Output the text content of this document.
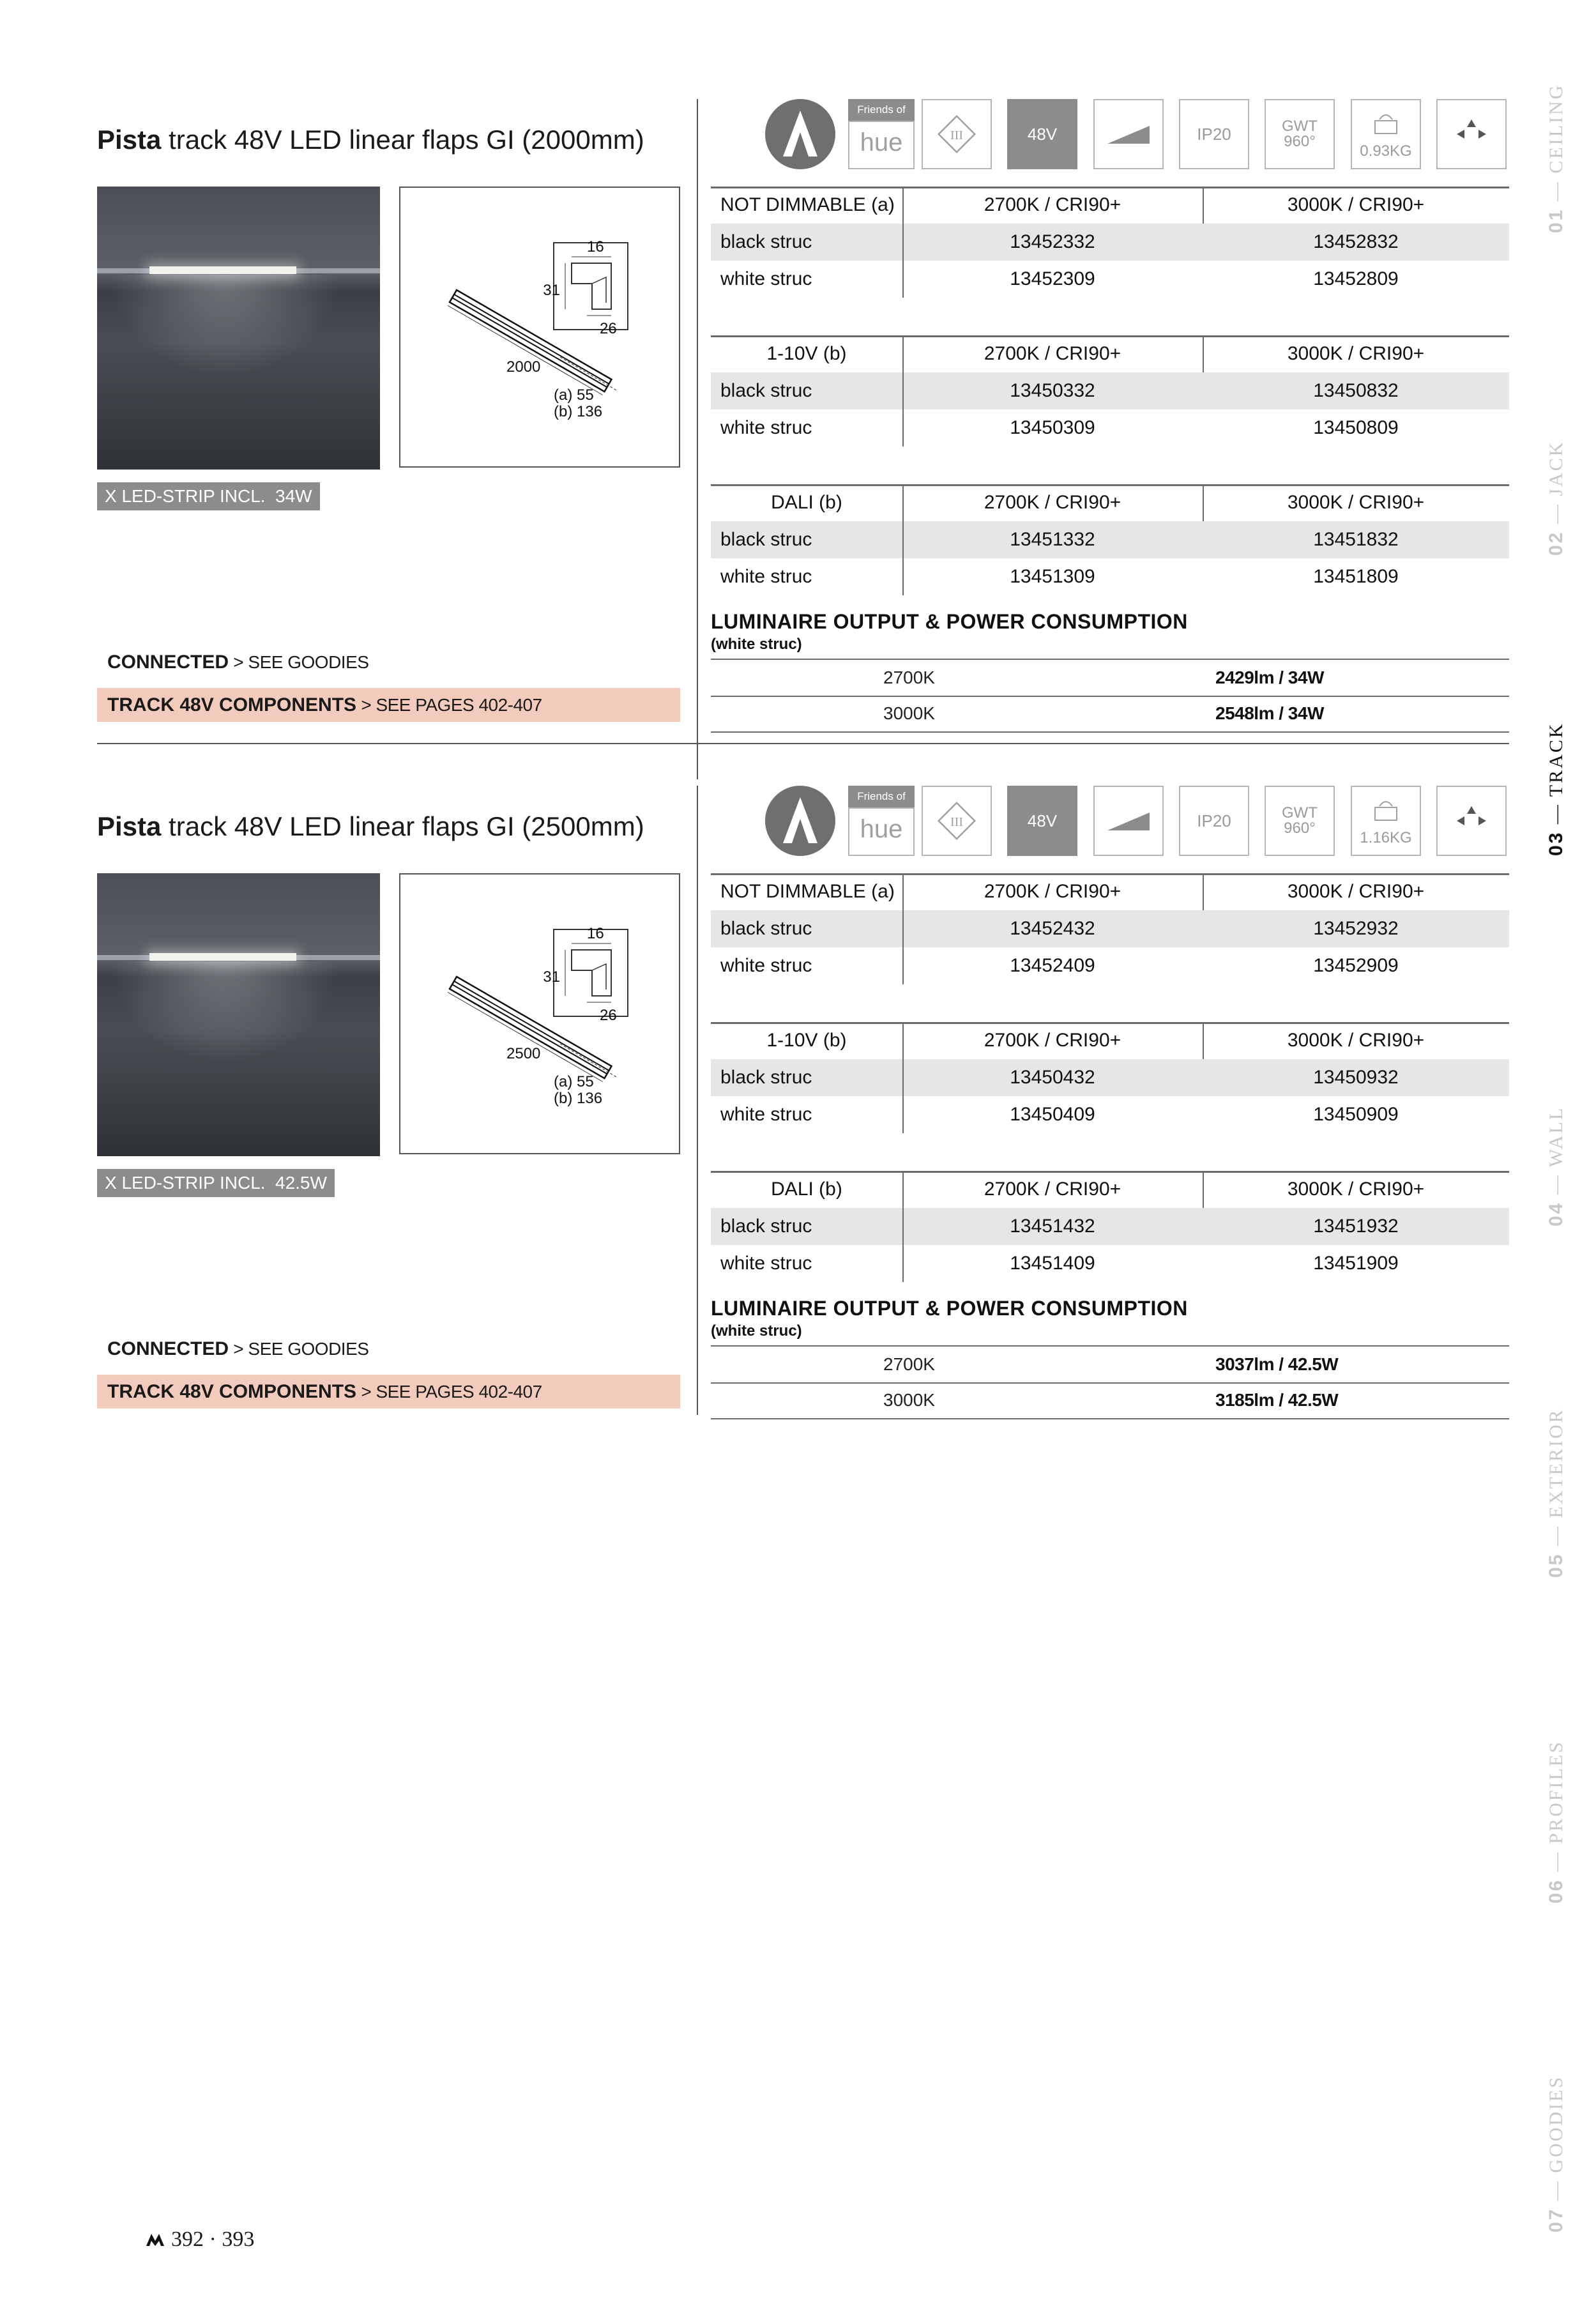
Pista track 48V LED linear flaps GI (2000mm)
16
31
26
2000
(a) 55
(b) 136
X LED-STRIP INCL. 34W
CONNECTED > SEE GOODIES
TRACK 48V COMPONENTS > SEE PAGES 402-407
Friends of
hue	III	48V	IP20	GWT
960°
0.93KG
NOT DIMMABLE (a)	2700K / CRI90+	3000K / CRI90+
black struc	13452332	13452832
white struc	13452309	13452809
1-10V (b)	2700K / CRI90+	3000K / CRI90+
black struc	13450332	13450832
white struc	13450309	13450809
DALI (b)	2700K / CRI90+	3000K / CRI90+
black struc	13451332	13451832
white struc	13451309	13451809
LUMINAIRE OUTPUT & POWER CONSUMPTION
(white struc)
2700K	2429lm / 34W
3000K	2548lm / 34W
Pista track 48V LED linear flaps GI (2500mm)
16
31
26
2500
(a) 55
(b) 136
X LED-STRIP INCL. 42.5W
CONNECTED > SEE GOODIES
TRACK 48V COMPONENTS > SEE PAGES 402-407
Friends of
hue	III	48V	IP20	GWT
960°
1.16KG
NOT DIMMABLE (a)	2700K / CRI90+	3000K / CRI90+
black struc	13452432	13452932
white struc	13452409	13452909
1-10V (b)	2700K / CRI90+	3000K / CRI90+
black struc	13450432	13450932
white struc	13450409	13450909
DALI (b)	2700K / CRI90+	3000K / CRI90+
black struc	13451432	13451932
white struc	13451409	13451909
LUMINAIRE OUTPUT & POWER CONSUMPTION
(white struc)
2700K	3037lm / 42.5W
3000K	3185lm / 42.5W
01 — CEILING
02 — JACK
03 — TRACK
04 — WALL
05 — EXTERIOR
06 — PROFILES
07 — GOODIES
392 · 393
